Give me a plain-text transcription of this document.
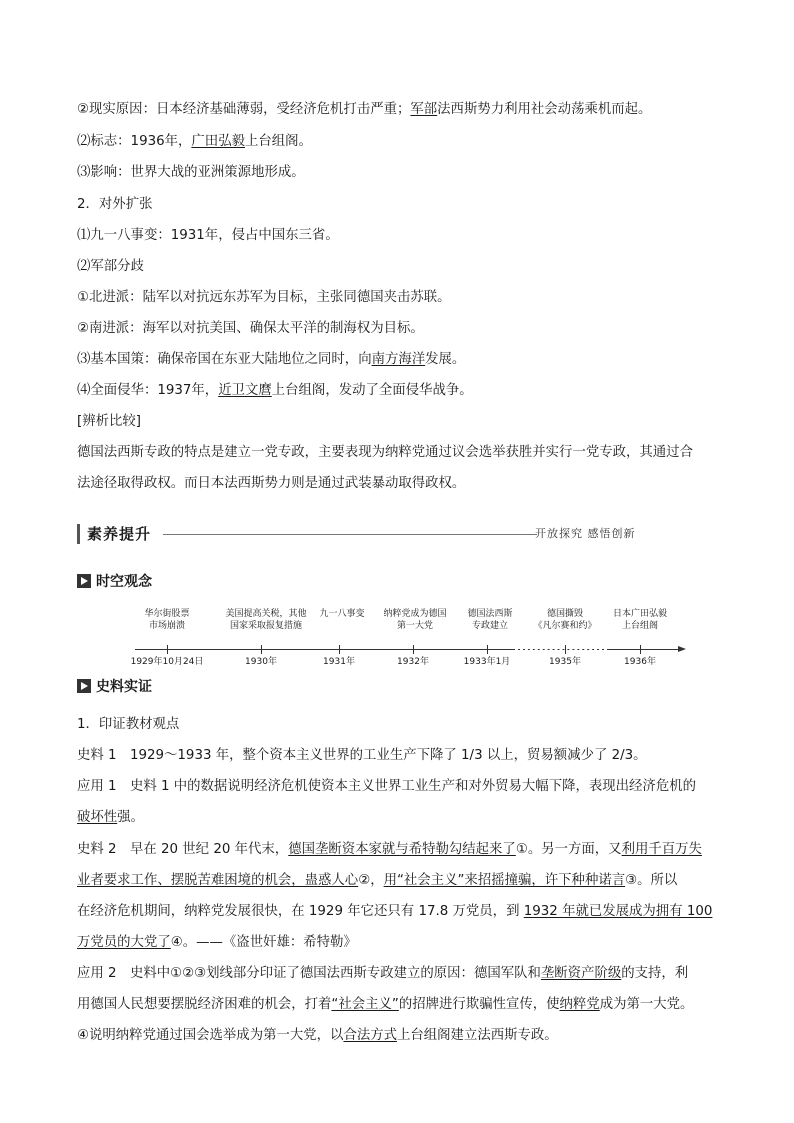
②现实原因：日本经济基础薄弱，受经济危机打击严重；军部法西斯势力利用社会动荡乘机而起。
⑵标志：1936年，广田弘毅上台组阁。
⑶影响：世界大战的亚洲策源地形成。
2．对外扩张
⑴九一八事变：1931年，侵占中国东三省。
⑵军部分歧
①北进派：陆军以对抗远东苏军为目标，主张同德国夹击苏联。
②南进派：海军以对抗美国、确保太平洋的制海权为目标。
⑶基本国策：确保帝国在东亚大陆地位之同时，向南方海洋发展。
⑷全面侵华：1937年，近卫文麿上台组阁，发动了全面侵华战争。
[辨析比较]
德国法西斯专政的特点是建立一党专政，主要表现为纳粹党通过议会选举获胜并实行一党专政，其通过合
法途径取得政权。而日本法西斯势力则是通过武装暴动取得政权。
素养提升	开放探究 感悟创新
时空观念
华尔街股票
市场崩溃
美国提高关税，其他
国家采取报复措施
九一八事变 纳粹党成为德国
第一大党
德国法西斯
专政建立
德国撕毁
《凡尔赛和约》
日本广田弘毅
上台组阁
1929年10月24日	1930年	1931年	1932年	1933年1月	1935年	1936年
史料实证
1．印证教材观点
史料 1　1929～1933 年，整个资本主义世界的工业生产下降了 1/3 以上，贸易额减少了 2/3。
应用 1　史料 1 中的数据说明经济危机使资本主义世界工业生产和对外贸易大幅下降，表现出经济危机的
破坏性强。
史料 2　早在 20 世纪 20 年代末，德国垄断资本家就与希特勒勾结起来了①。另一方面，又利用千百万失
业者要求工作、摆脱苦难困境的机会，蛊惑人心②，用“社会主义”来招摇撞骗，许下种种诺言③。所以
在经济危机期间，纳粹党发展很快，在 1929 年它还只有 17.8 万党员，到 1932 年就已发展成为拥有 100
万党员的大党了④。——《盗世奸雄：希特勒》
应用 2　史料中①②③划线部分印证了德国法西斯专政建立的原因：德国军队和垄断资产阶级的支持，利
用德国人民想要摆脱经济困难的机会，打着“社会主义”的招牌进行欺骗性宣传，使纳粹党成为第一大党。
④说明纳粹党通过国会选举成为第一大党，以合法方式上台组阁建立法西斯专政。
